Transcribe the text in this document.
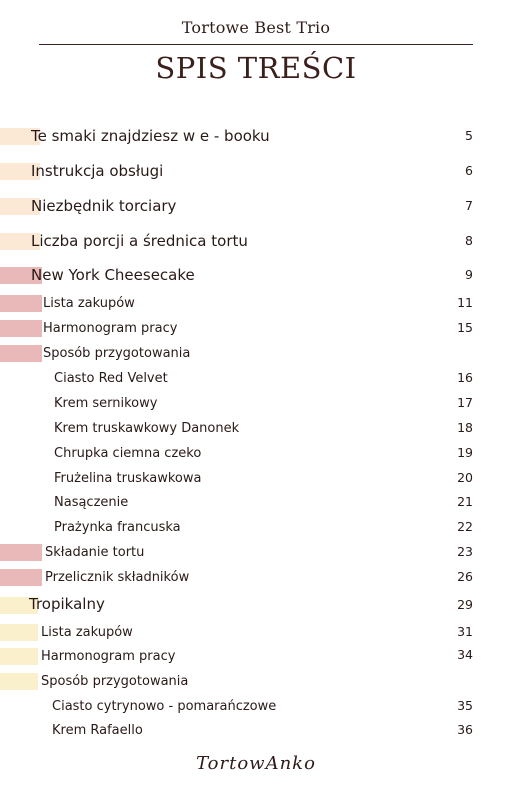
Tortowe Best Trio
SPIS TREŚCI
Te smaki znajdziesz w e - booku	5
Instrukcja obsługi	6
Niezbędnik torciary	7
Liczba porcji a średnica tortu	8
New York Cheesecake	9
Lista zakupów	11
Harmonogram pracy	15
Sposób przygotowania
Ciasto Red Velvet	16
Krem sernikowy	17
Krem truskawkowy Danonek	18
Chrupka ciemna czeko	19
Frużelina truskawkowa	20
Nasączenie	21
Prażynka francuska	22
Składanie tortu	23
Przelicznik składników	26
Tropikalny	29
Lista zakupów	31
Harmonogram pracy	34
Sposób przygotowania
Ciasto cytrynowo - pomarańczowe	35
Krem Rafaello	36
TortowAnko
